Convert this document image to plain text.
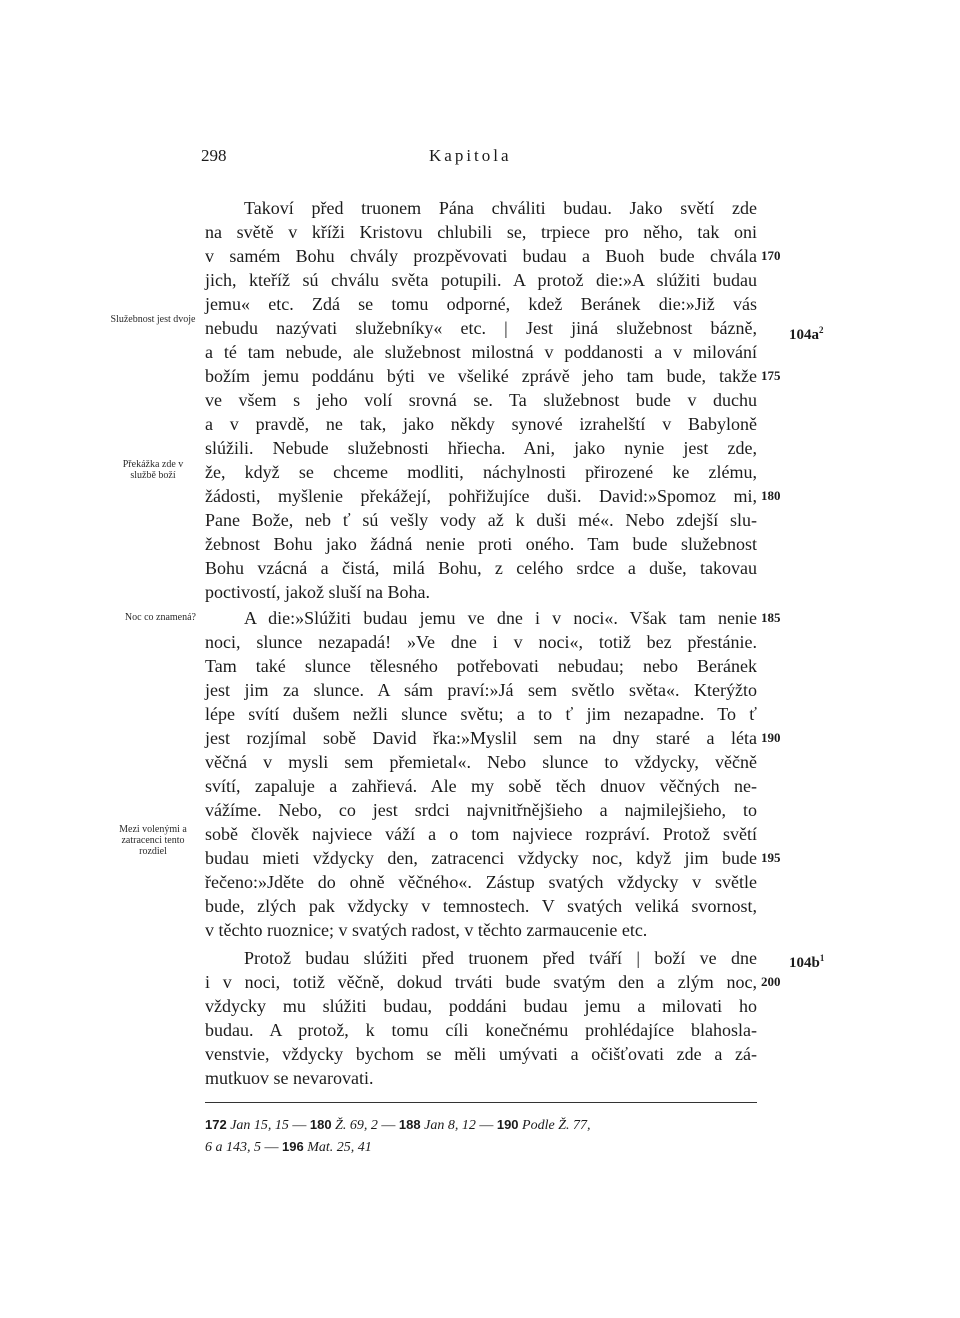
298	Kapitola
Takoví před truonem Pána chváliti budau. Jako světí zde
na světě v kříži Kristovu chlubili se, trpiece pro něho, tak oni
v samém Bohu chvály prozpěvovati budau a Buoh bude chvála
jich, kteříž sú chválu světa potupili. A protož die:»A slúžiti budau
jemu« etc. Zdá se tomu odporné, kdež Beránek die:»Již vás
nebudu nazývati služebníky« etc. | Jest jiná služebnost bázně,
a té tam nebude, ale služebnost milostná v poddanosti a v milování
božím jemu poddánu býti ve všeliké zprávě jeho tam bude, takže
ve všem s jeho volí srovná se. Ta služebnost bude v duchu
a v pravdě, ne tak, jako někdy synové izrahelští v Babyloně
slúžili. Nebude služebnosti hřiecha. Ani, jako nynie jest zde,
že, když se chceme modliti, náchylnosti přirozené ke zlému,
žádosti, myšlenie překážejí, pohřižujíce duši. David:»Spomoz mi,
Pane Bože, neb ť sú vešly vody až k duši mé«. Nebo zdejší slu-
žebnost Bohu jako žádná nenie proti oného. Tam bude služebnost
Bohu vzácná a čistá, milá Bohu, z celého srdce a duše, takovau
poctivostí, jakož sluší na Boha.
A die:»Slúžiti budau jemu ve dne i v noci«. Však tam nenie
noci, slunce nezapadá! »Ve dne i v noci«, totiž bez přestánie.
Tam také slunce tělesného potřebovati nebudau; nebo Beránek
jest jim za slunce. A sám praví:»Já sem světlo světa«. Kterýžto
lépe svítí dušem nežli slunce světu; a to ť jim nezapadne. To ť
jest rozjímal sobě David řka:»Myslil sem na dny staré a léta
věčná v mysli sem přemietal«. Nebo slunce to vždycky, věčně
svítí, zapaluje a zahřievá. Ale my sobě těch dnuov věčných ne-
vážíme. Nebo, co jest srdci najvnitřnějšieho a najmilejšieho, to
sobě člověk najviece váží a o tom najviece rozpráví. Protož světí
budau mieti vždycky den, zatracenci vždycky noc, když jim bude
řečeno:»Jděte do ohně věčného«. Zástup svatých vždycky v světle
bude, zlých pak vždycky v temnostech. V svatých veliká svornost,
v těchto ruoznice; v svatých radost, v těchto zarmaucenie etc.
Protož budau slúžiti před truonem před tváří | boží ve dne
i v noci, totiž věčně, dokud trváti bude svatým den a zlým noc,
vždycky mu slúžiti budau, poddáni budau jemu a milovati ho
budau. A protož, k tomu cíli konečnému prohlédajíce blahosla-
venstvie, vždycky bychom se měli umývati a očišťovati zde a zá-
mutkuov se nevarovati.
170
175
180
185
190
195
200
$104a^2$
$104b^1$
Služebnost jest dvoje
Překážka zde v službě boží
Noc co znamená?
Mezi volenými a zatracenci tento rozdiel
172 Jan 15, 15 — 180 Ž. 69, 2 — 188 Jan 8, 12 — 190 Podle Ž. 77,
6 a 143, 5 — 196 Mat. 25, 41
